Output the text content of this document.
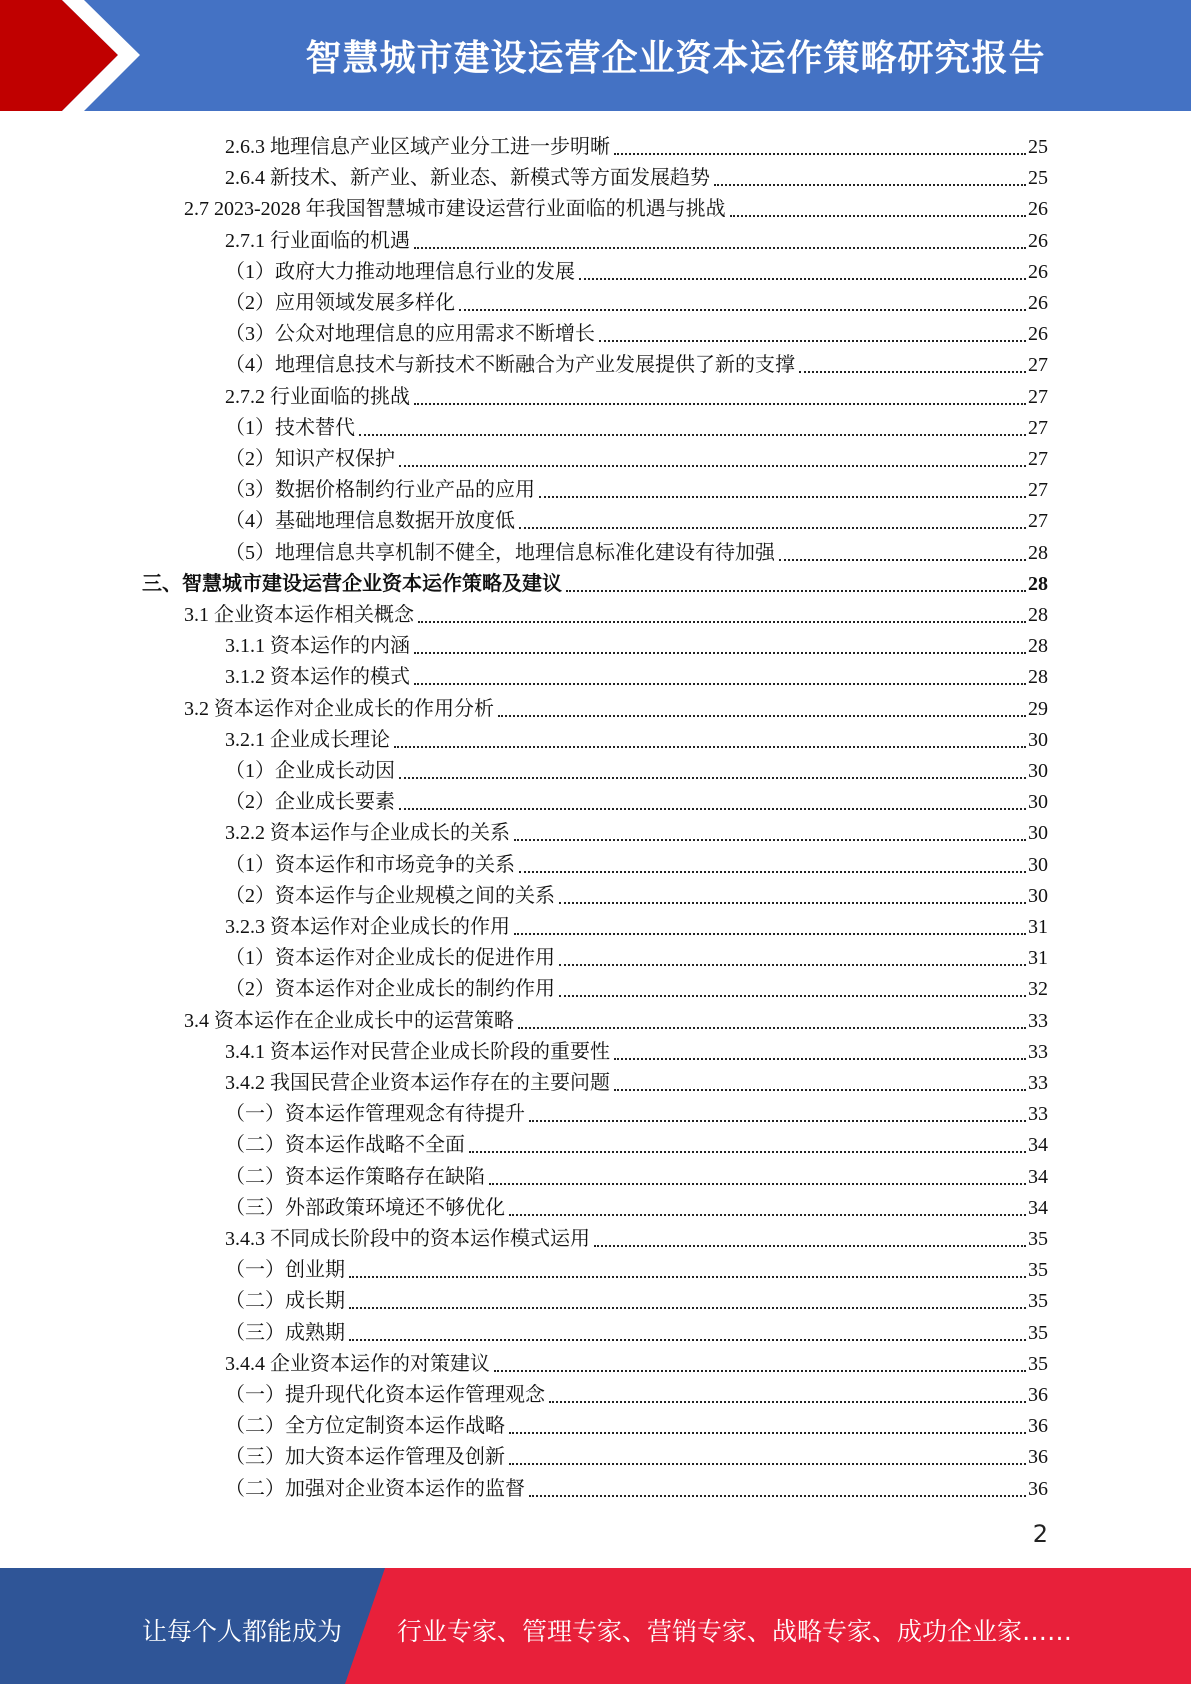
智慧城市建设运营企业资本运作策略研究报告
2.6.3 地理信息产业区域产业分工进一步明晰	25
2.6.4 新技术、新产业、新业态、新模式等方面发展趋势	25
2.7 2023-2028 年我国智慧城市建设运营行业面临的机遇与挑战	26
2.7.1 行业面临的机遇	26
（1）政府大力推动地理信息行业的发展	26
（2）应用领域发展多样化	26
（3）公众对地理信息的应用需求不断增长	26
（4）地理信息技术与新技术不断融合为产业发展提供了新的支撑	27
2.7.2 行业面临的挑战	27
（1）技术替代	27
（2）知识产权保护	27
（3）数据价格制约行业产品的应用	27
（4）基础地理信息数据开放度低	27
（5）地理信息共享机制不健全，地理信息标准化建设有待加强	28
三、智慧城市建设运营企业资本运作策略及建议	28
3.1 企业资本运作相关概念	28
3.1.1 资本运作的内涵	28
3.1.2 资本运作的模式	28
3.2 资本运作对企业成长的作用分析	29
3.2.1 企业成长理论	30
（1）企业成长动因	30
（2）企业成长要素	30
3.2.2 资本运作与企业成长的关系	30
（1）资本运作和市场竞争的关系	30
（2）资本运作与企业规模之间的关系	30
3.2.3 资本运作对企业成长的作用	31
（1）资本运作对企业成长的促进作用	31
（2）资本运作对企业成长的制约作用	32
3.4 资本运作在企业成长中的运营策略	33
3.4.1 资本运作对民营企业成长阶段的重要性	33
3.4.2 我国民营企业资本运作存在的主要问题	33
（一）资本运作管理观念有待提升	33
（二）资本运作战略不全面	34
（二）资本运作策略存在缺陷	34
（三）外部政策环境还不够优化	34
3.4.3 不同成长阶段中的资本运作模式运用	35
（一）创业期	35
（二）成长期	35
（三）成熟期	35
3.4.4 企业资本运作的对策建议	35
（一）提升现代化资本运作管理观念	36
（二）全方位定制资本运作战略	36
（三）加大资本运作管理及创新	36
（二）加强对企业资本运作的监督	36
2
让每个人都能成为 行业专家、管理专家、营销专家、战略专家、成功企业家……
